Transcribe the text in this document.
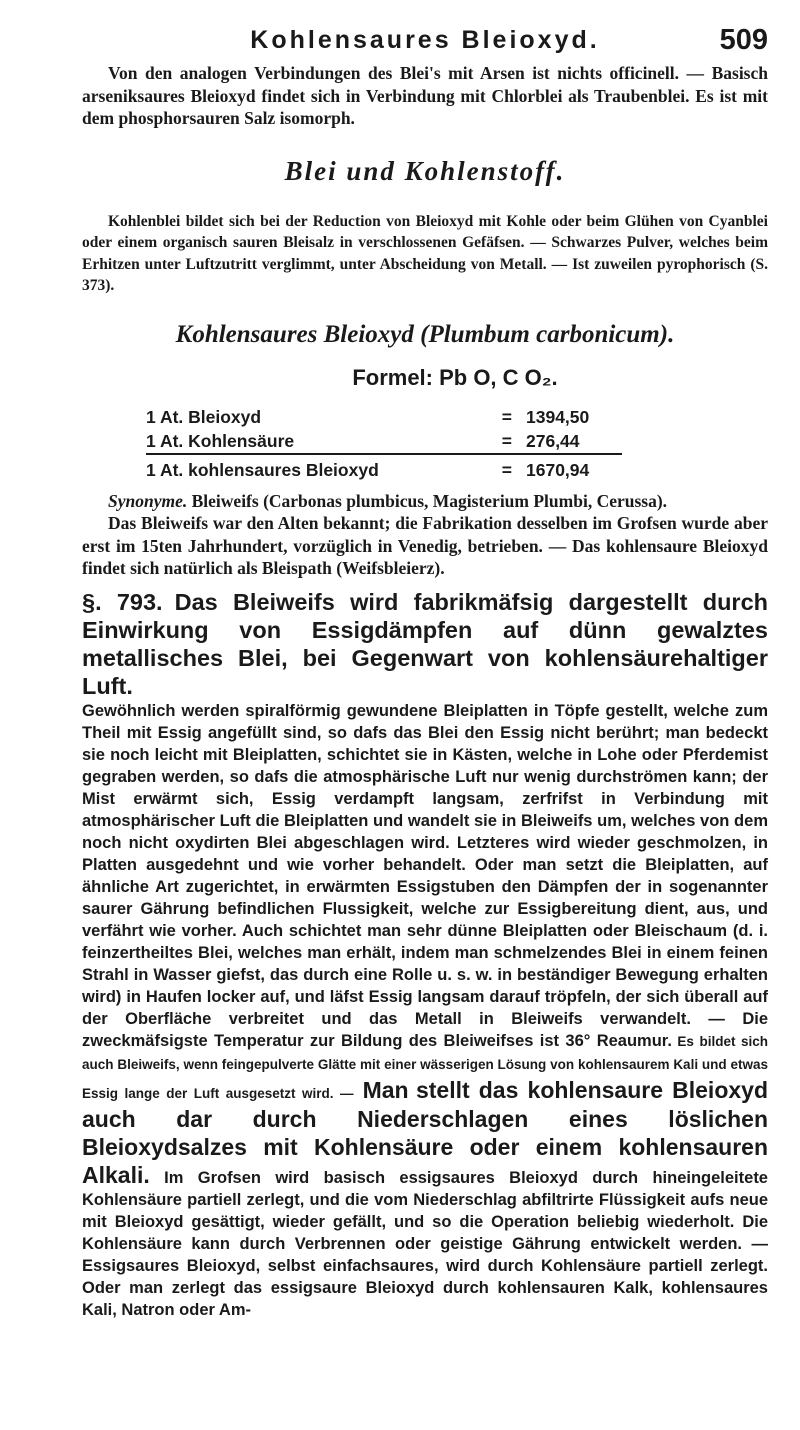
Kohlensaures Bleioxyd.	509

Von den analogen Verbindungen des Blei's mit Arsen ist nichts officinell. — Basisch arseniksaures Bleioxyd findet sich in Verbindung mit Chlorblei als Traubenblei. Es ist mit dem phosphorsauren Salz isomorph.

Blei und Kohlenstoff.

Kohlenblei bildet sich bei der Reduction von Bleioxyd mit Kohle oder beim Glühen von Cyanblei oder einem organisch sauren Bleisalz in verschlossenen Gefäfsen. — Schwarzes Pulver, welches beim Erhitzen unter Luftzutritt verglimmt, unter Abscheidung von Metall. — Ist zuweilen pyrophorisch (S. 373).

Kohlensaures Bleioxyd (Plumbum carbonicum).
Formel: Pb O, C O₂.
1 At. Bleioxyd	= 1394,50
1 At. Kohlensäure	= 276,44
1 At. kohlensaures Bleioxyd	= 1670,94

Synonyme. Bleiweifs (Carbonas plumbicus, Magisterium Plumbi, Cerussa).

Das Bleiweifs war den Alten bekannt; die Fabrikation desselben im Grofsen wurde aber erst im 15ten Jahrhundert, vorzüglich in Venedig, betrieben. — Das kohlensaure Bleioxyd findet sich natürlich als Bleispath (Weifsbleierz).

§. 793. Das Bleiweifs wird fabrikmäfsig dargestellt durch Einwirkung von Essigdämpfen auf dünn gewalztes metallisches Blei, bei Gegenwart von kohlensäurehaltiger Luft.

Gewöhnlich werden spiralförmig gewundene Bleiplatten in Töpfe gestellt, welche zum Theil mit Essig angefüllt sind, so dafs das Blei den Essig nicht berührt; man bedeckt sie noch leicht mit Bleiplatten, schichtet sie in Kästen, welche in Lohe oder Pferdemist gegraben werden, so dafs die atmosphärische Luft nur wenig durchströmen kann; der Mist erwärmt sich, Essig verdampft langsam, zerfrifst in Verbindung mit atmosphärischer Luft die Bleiplatten und wandelt sie in Bleiweifs um, welches von dem noch nicht oxydirten Blei abgeschlagen wird. Letzteres wird wieder geschmolzen, in Platten ausgedehnt und wie vorher behandelt. Oder man setzt die Bleiplatten, auf ähnliche Art zugerichtet, in erwärmten Essigstuben den Dämpfen der in sogenannter saurer Gährung befindlichen Flussigkeit, welche zur Essigbereitung dient, aus, und verfährt wie vorher. Auch schichtet man sehr dünne Bleiplatten oder Bleischaum (d. i. feinzertheiltes Blei, welches man erhält, indem man schmelzendes Blei in einem feinen Strahl in Wasser giefst, das durch eine Rolle u. s. w. in beständiger Bewegung erhalten wird) in Haufen locker auf, und läfst Essig langsam darauf tröpfeln, der sich überall auf der Oberfläche verbreitet und das Metall in Bleiweifs verwandelt. — Die zweckmäfsigste Temperatur zur Bildung des Bleiweifses ist 36° Reaumur. Es bildet sich auch Bleiweifs, wenn feingepulverte Glätte mit einer wässerigen Lösung von kohlensaurem Kali und etwas Essig lange der Luft ausgesetzt wird. — Man stellt das kohlensaure Bleioxyd auch dar durch Niederschlagen eines löslichen Bleioxydsalzes mit Kohlensäure oder einem kohlensauren Alkali. Im Grofsen wird basisch essigsaures Bleioxyd durch hineingeleitete Kohlensäure partiell zerlegt, und die vom Niederschlag abfiltrirte Flüssigkeit aufs neue mit Bleioxyd gesättigt, wieder gefällt, und so die Operation beliebig wiederholt. Die Kohlensäure kann durch Verbrennen oder geistige Gährung entwickelt werden. — Essigsaures Bleioxyd, selbst einfachsaures, wird durch Kohlensäure partiell zerlegt. Oder man zerlegt das essigsaure Bleioxyd durch kohlensauren Kalk, kohlensaures Kali, Natron oder Am-
